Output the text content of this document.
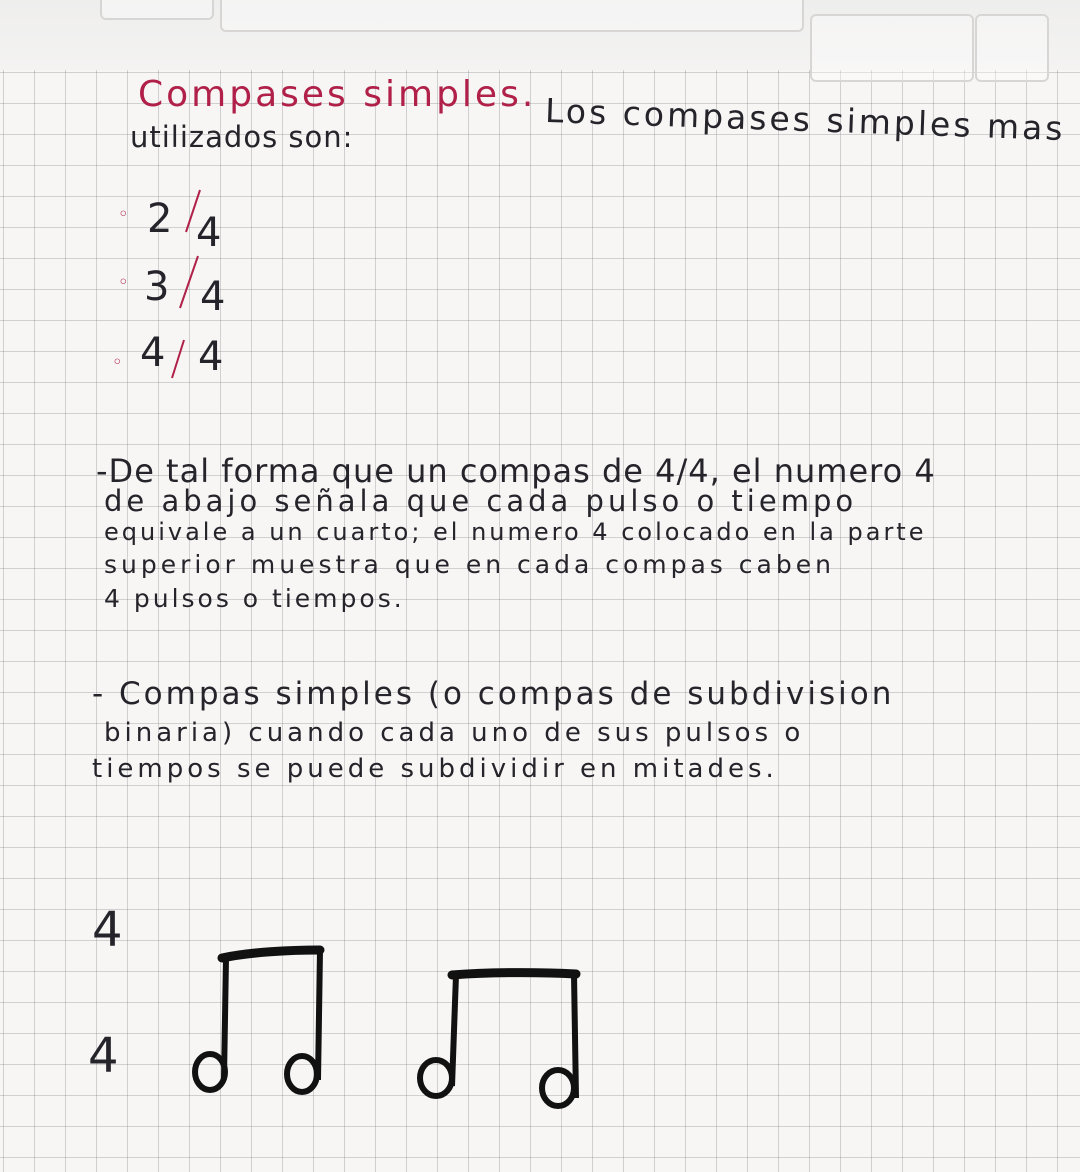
Compases simples. Los compases simples mas
utilizados son:
◦ 2 4
◦ 3 4
◦ 4 4
-De tal forma que un compas de 4/4, el numero 4
de abajo señala que cada pulso o tiempo
equivale a un cuarto; el numero 4 colocado en la parte
superior muestra que en cada compas caben
4 pulsos o tiempos.
- Compas simples (o compas de subdivision
binaria) cuando cada uno de sus pulsos o
tiempos se puede subdividir en mitades.
4
4
